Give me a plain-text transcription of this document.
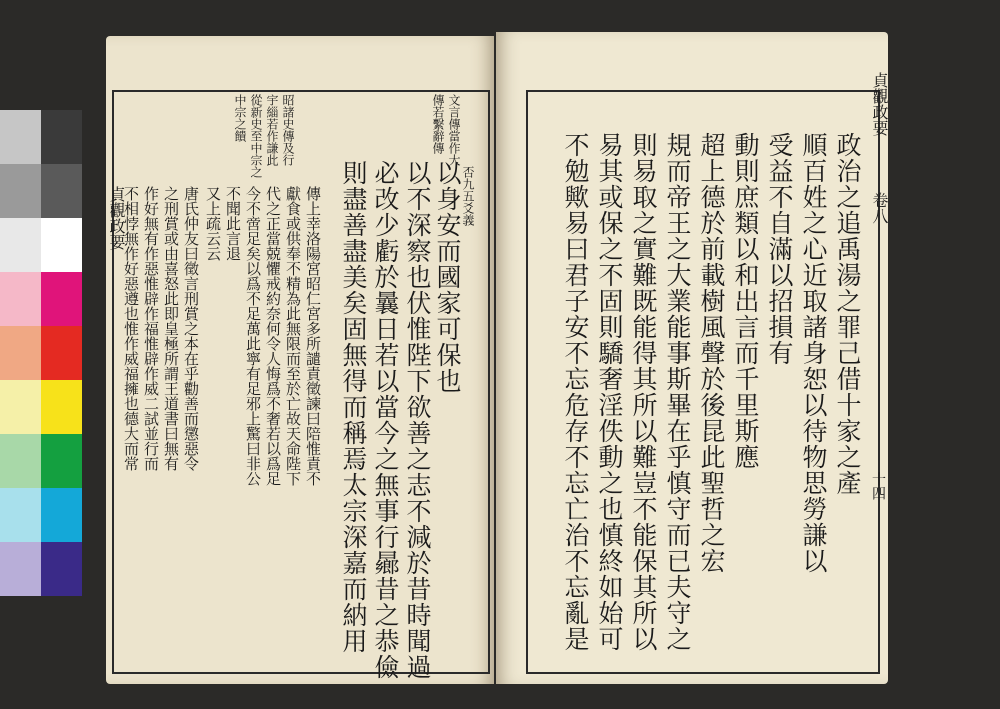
文言傳當作大
傳若繫辭傳
昭諸史傳及行
宇緇若作謙此
從新史至中宗之
中宗之饋
以身安而國家可保也
以不深察也伏惟陛下欲善之志不減於昔時聞過
必改少虧於曩日若以當今之無事行曏昔之恭儉
則盡善盡美矣固無得而稱焉太宗深嘉而納用
傳上幸洛陽宮昭仁宮多所譴責徵諫曰陪惟責不
獻食或供奉不精為此無限而至於亡故天命陛下
代之正當兢懼戒約奈何令人悔爲不奢若以爲足
今不啻足矣以爲不足萬此寧有足邪上驚曰非公
不聞此言退
又上疏云云
唐氏仲友曰徵言刑賞之本在乎勸善而懲惡令
之刑賞或由喜怒此即皇極所謂王道書曰無有
作好無有作惡惟辟作福惟辟作威二試並行而
不相悖無作好惡遵也惟作威福擁也德大而常	否九五爻義
貞觀政要
貞觀政要
卷八
十四
政治之追禹湯之罪己借十家之產
順百姓之心近取諸身恕以待物思勞謙以
受益不自滿以招損有
動則庶類以和出言而千里斯應
超上德於前載樹風聲於後昆此聖哲之宏
規而帝王之大業能事斯畢在乎慎守而已夫守之
則易取之實難既能得其所以難豈不能保其所以
易其或保之不固則驕奢淫佚動之也慎終如始可
不勉歟易曰君子安不忘危存不忘亡治不忘亂是
